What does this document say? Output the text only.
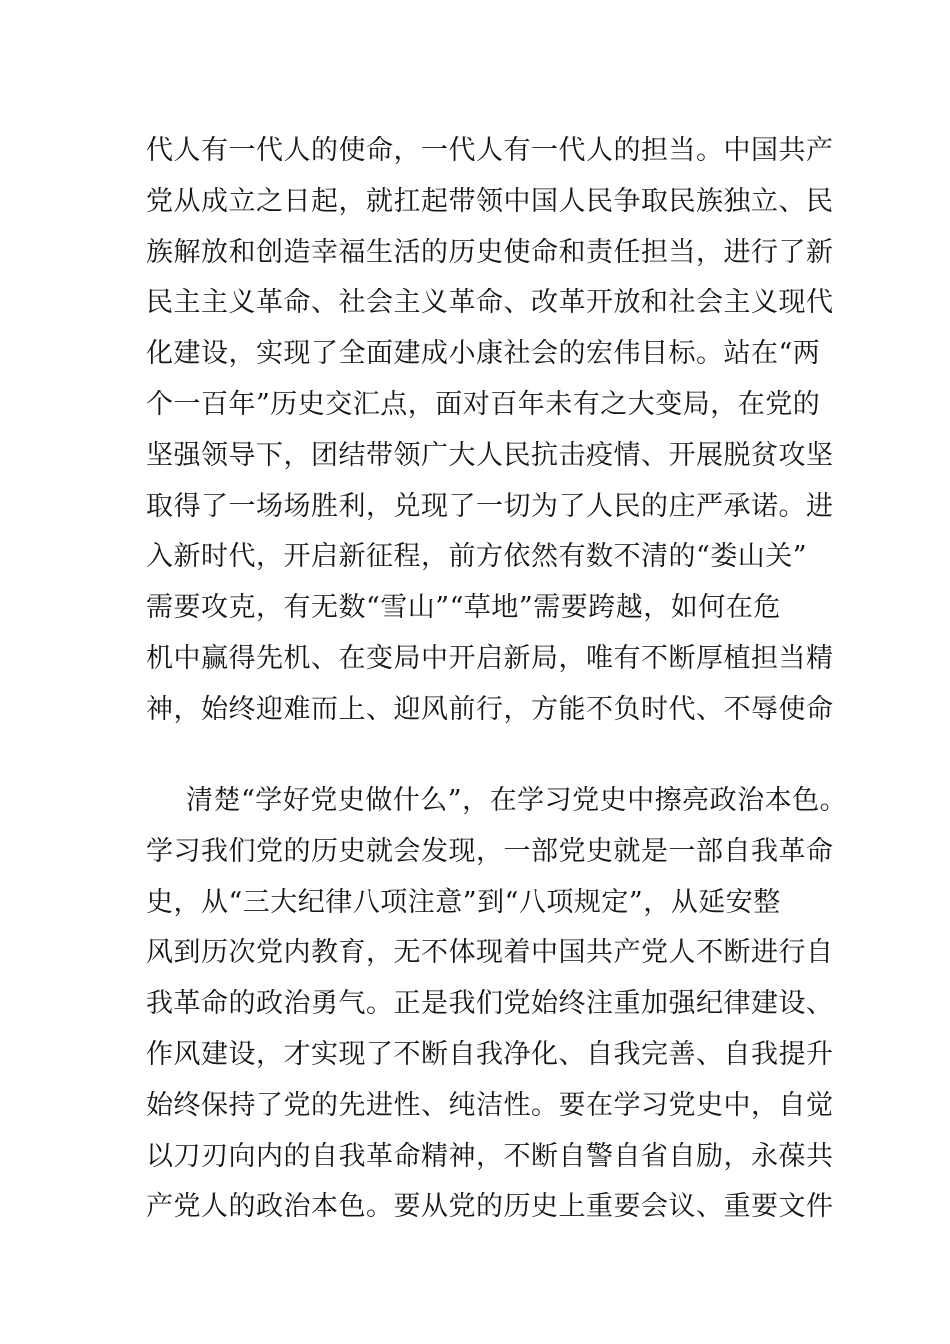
代人有一代人的使命，一代人有一代人的担当。中国共产
党从成立之日起，就扛起带领中国人民争取民族独立、民
族解放和创造幸福生活的历史使命和责任担当，进行了新
民主主义革命、社会主义革命、改革开放和社会主义现代
化建设，实现了全面建成小康社会的宏伟目标。站在“两
个一百年”历史交汇点，面对百年未有之大变局，在党的
坚强领导下，团结带领广大人民抗击疫情、开展脱贫攻坚
取得了一场场胜利，兑现了一切为了人民的庄严承诺。进
入新时代，开启新征程，前方依然有数不清的“娄山关”
需要攻克，有无数“雪山”“草地”需要跨越，如何在危
机中赢得先机、在变局中开启新局，唯有不断厚植担当精
神，始终迎难而上、迎风前行，方能不负时代、不辱使命
清楚“学好党史做什么”，在学习党史中擦亮政治本色。
学习我们党的历史就会发现，一部党史就是一部自我革命
史，从“三大纪律八项注意”到“八项规定”，从延安整
风到历次党内教育，无不体现着中国共产党人不断进行自
我革命的政治勇气。正是我们党始终注重加强纪律建设、
作风建设，才实现了不断自我净化、自我完善、自我提升
始终保持了党的先进性、纯洁性。要在学习党史中，自觉
以刀刃向内的自我革命精神，不断自警自省自励，永葆共
产党人的政治本色。要从党的历史上重要会议、重要文件
